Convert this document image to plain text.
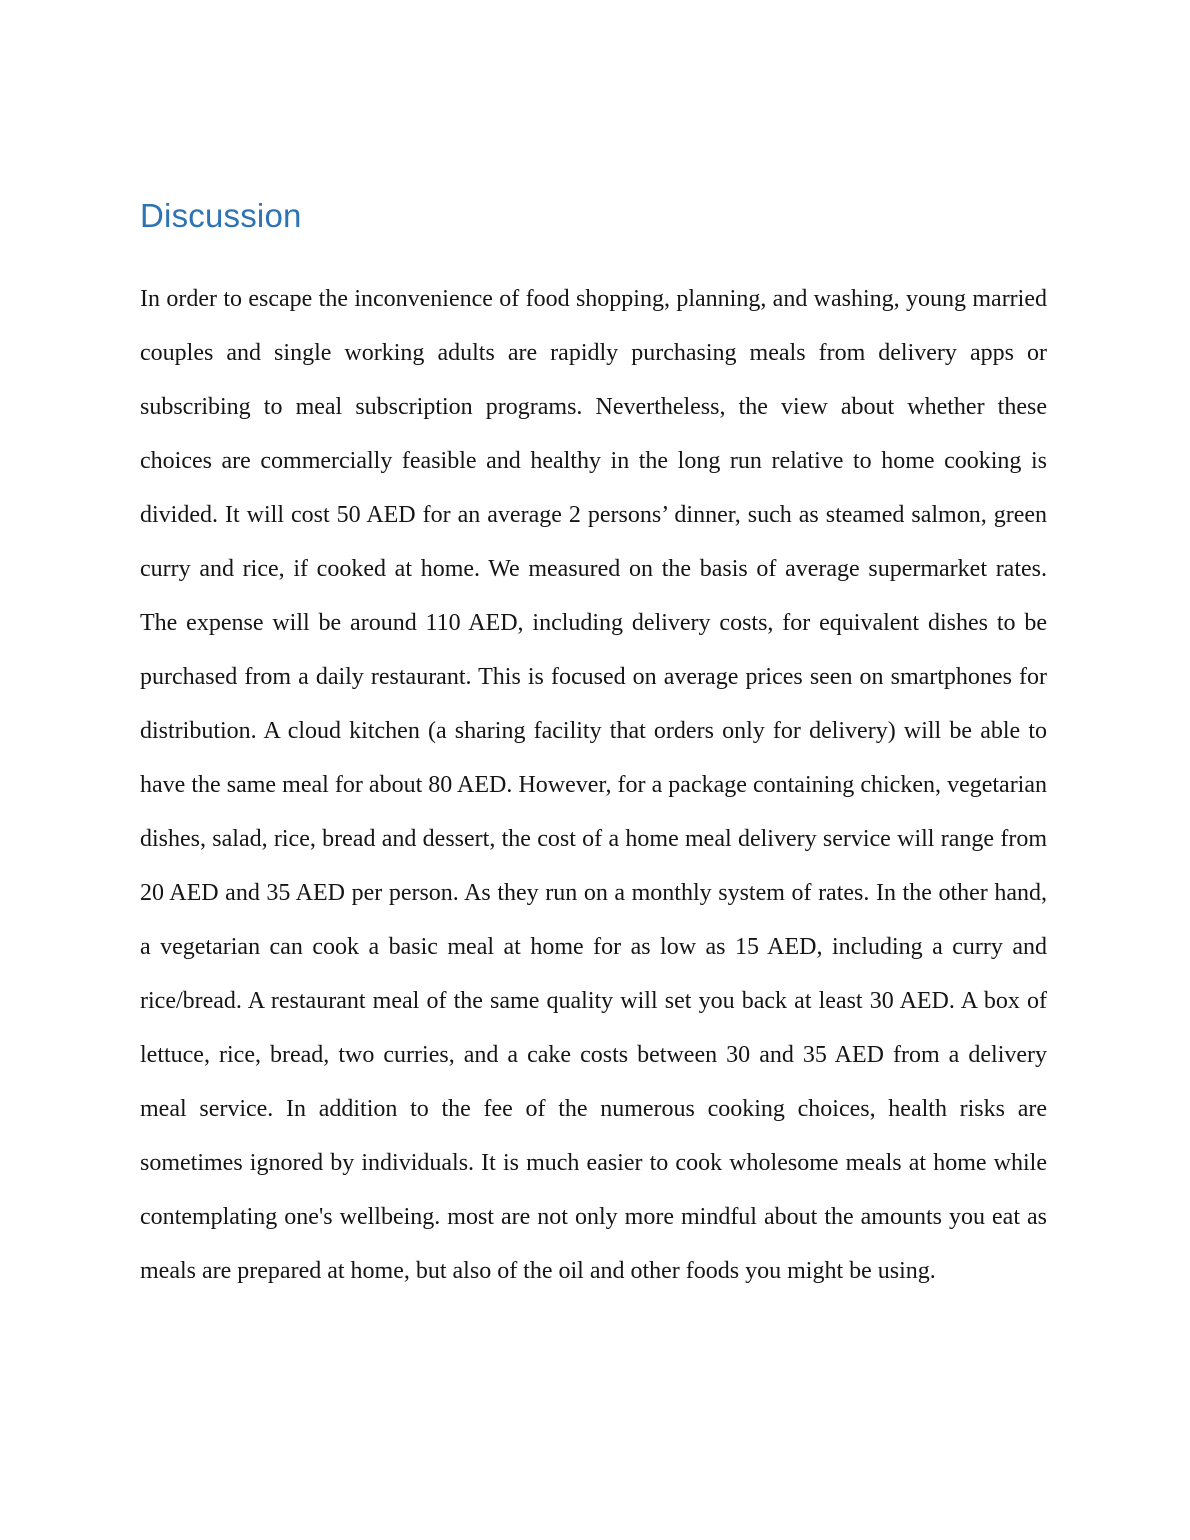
Discussion

In order to escape the inconvenience of food shopping, planning, and washing, young married couples and single working adults are rapidly purchasing meals from delivery apps or subscribing to meal subscription programs. Nevertheless, the view about whether these choices are commercially feasible and healthy in the long run relative to home cooking is divided. It will cost 50 AED for an average 2 persons’ dinner, such as steamed salmon, green curry and rice, if cooked at home. We measured on the basis of average supermarket rates. The expense will be around 110 AED, including delivery costs, for equivalent dishes to be purchased from a daily restaurant. This is focused on average prices seen on smartphones for distribution. A cloud kitchen (a sharing facility that orders only for delivery) will be able to have the same meal for about 80 AED. However, for a package containing chicken, vegetarian dishes, salad, rice, bread and dessert, the cost of a home meal delivery service will range from 20 AED and 35 AED per person. As they run on a monthly system of rates. In the other hand, a vegetarian can cook a basic meal at home for as low as 15 AED, including a curry and rice/bread. A restaurant meal of the same quality will set you back at least 30 AED. A box of lettuce, rice, bread, two curries, and a cake costs between 30 and 35 AED from a delivery meal service. In addition to the fee of the numerous cooking choices, health risks are sometimes ignored by individuals. It is much easier to cook wholesome meals at home while contemplating one's wellbeing. most are not only more mindful about the amounts you eat as meals are prepared at home, but also of the oil and other foods you might be using.
